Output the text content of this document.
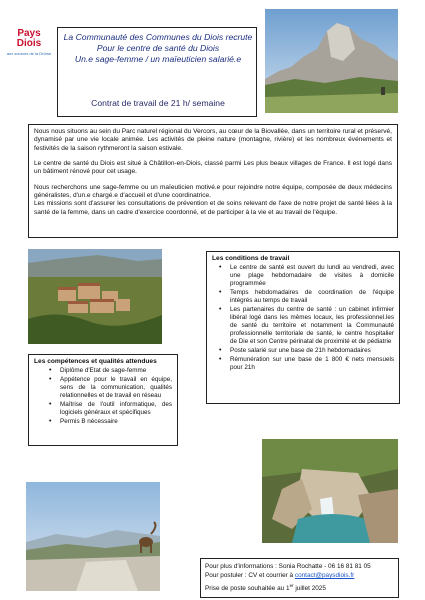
Pays
Diois
aux sources de la Drôme
La Communauté des Communes du Diois recrute
Pour le centre de santé du Diois
Un.e sage-femme / un maïeuticien salarié.e
Contrat de travail de 21 h/ semaine

Nous nous situons au sein du Parc naturel régional du Vercors, au cœur de la Biovallée, dans un territoire rural et préservé, dynamisé par une vie locale animée. Les activités de pleine nature (montagne, rivière) et les nombreux événements et festivités de la saison rythmeront la saison estivale.

Le centre de santé du Diois est situé à Châtillon-en-Diois, classé parmi Les plus beaux villages de France. Il est logé dans un bâtiment rénové pour cet usage.

Nous recherchons une sage-femme ou un maïeuticien motivé.e pour rejoindre notre équipe, composée de deux médecins généralistes, d'un.e chargé.e d'accueil et d'une coordinatrice.

Les missions sont d'assurer les consultations de prévention et de soins relevant de l'axe de notre projet de santé liées à la santé de la femme, dans un cadre d'exercice coordonné, et de participer à la vie et au travail de l'équipe.

Les conditions de travail
• Le centre de santé est ouvert du lundi au vendredi, avec une plage hebdomadaire de visites à domicile programmée
• Temps hebdomadaires de coordination de l'équipe intégrés au temps de travail
• Les partenaires du centre de santé : un cabinet infirmier libéral logé dans les mêmes locaux, les professionnel.les de santé du territoire et notamment la Communauté professionnelle territoriale de santé, le centre hospitalier de Die et son Centre périnatal de proximité et de pédiatrie
• Poste salarié sur une base de 21h hebdomadaires
• Rémunération sur une base de 1 800 € nets mensuels pour 21h
Les compétences et qualités attendues
• Diplôme d'Etat de sage-femme
• Appétence pour le travail en équipe, sens de la communication, qualités relationnelles et de travail en réseau
• Maîtrise de l'outil informatique, des logiciels généraux et spécifiques
• Permis B nécessaire
Pour plus d'informations : Sonia Rochatte - 06 16 81 81 05
Pour postuler : CV et courrier à contact@paysdiois.fr
Prise de poste souhaitée au 1er juillet 2025
